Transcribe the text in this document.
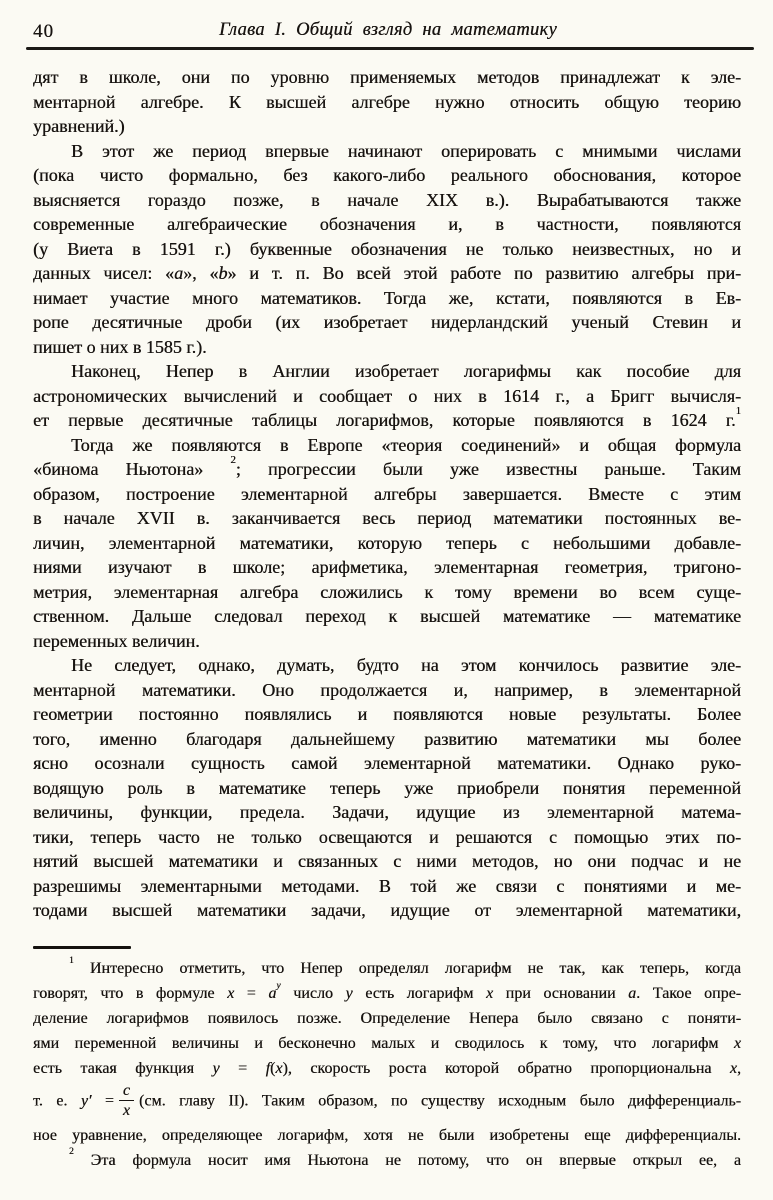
40	Глава I. Общий взгляд на математику
дят в школе, они по уровню применяемых методов принадлежат к эле-
ментарной алгебре. К высшей алгебре нужно относить общую теорию
уравнений.)
В этот же период впервые начинают оперировать с мнимыми числами
(пока чисто формально, без какого-либо реального обоснования, которое
выясняется гораздо позже, в начале XIX в.). Вырабатываются также
современные алгебраические обозначения и, в частности, появляются
(у Виета в 1591 г.) буквенные обозначения не только неизвестных, но и
данных чисел: «a», «b» и т. п. Во всей этой работе по развитию алгебры при-
нимает участие много математиков. Тогда же, кстати, появляются в Ев-
ропе десятичные дроби (их изобретает нидерландский ученый Стевин и
пишет о них в 1585 г.).
Наконец, Непер в Англии изобретает логарифмы как пособие для
астрономических вычислений и сообщает о них в 1614 г., а Бригг вычисля-
ет первые десятичные таблицы логарифмов, которые появляются в 1624 г.$^1$
Тогда же появляются в Европе «теория соединений» и общая формула
«бинома Ньютона» $^2$; прогрессии были уже известны раньше. Таким
образом, построение элементарной алгебры завершается. Вместе с этим
в начале XVII в. заканчивается весь период математики постоянных ве-
личин, элементарной математики, которую теперь с небольшими добавле-
ниями изучают в школе; арифметика, элементарная геометрия, тригоно-
метрия, элементарная алгебра сложились к тому времени во всем суще-
ственном. Дальше следовал переход к высшей математике — математике
переменных величин.
Не следует, однако, думать, будто на этом кончилось развитие эле-
ментарной математики. Оно продолжается и, например, в элементарной
геометрии постоянно появлялись и появляются новые результаты. Более
того, именно благодаря дальнейшему развитию математики мы более
ясно осознали сущность самой элементарной математики. Однако руко-
водящую роль в математике теперь уже приобрели понятия переменной
величины, функции, предела. Задачи, идущие из элементарной матема-
тики, теперь часто не только освещаются и решаются с помощью этих по-
нятий высшей математики и связанных с ними методов, но они подчас и не
разрешимы элементарными методами. В той же связи с понятиями и ме-
тодами высшей математики задачи, идущие от элементарной математики,
$^1$ Интересно отметить, что Непер определял логарифм не так, как теперь, когда
говорят, что в формуле $x = a^y$ число y есть логарифм x при основании a. Такое опре-
деление логарифмов появилось позже. Определение Непера было связано с поняти-
ями переменной величины и бесконечно малых и сводилось к тому, что логарифм x
есть такая функция y = f(x), скорость роста которой обратно пропорциональна x,
т. е. $y' = \frac{c}{x} (см$. главу II). Таким образом, по существу исходным было дифференциаль-
ное уравнение, определяющее логарифм, хотя не были изобретены еще дифференциалы.
$^2$ Эта формула носит имя Ньютона не потому, что он впервые открыл ее, а
